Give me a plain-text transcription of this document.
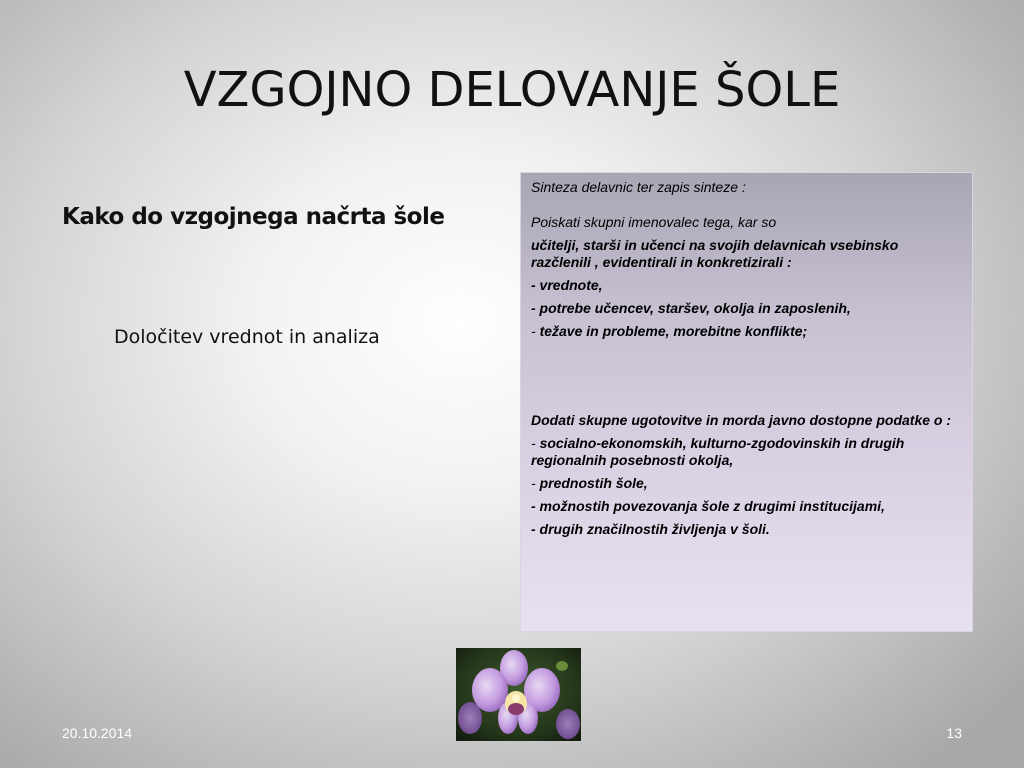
VZGOJNO DELOVANJE ŠOLE
Kako do vzgojnega načrta šole
Določitev vrednot in analiza

Sinteza delavnic ter zapis sinteze :

Poiskati skupni imenovalec tega, kar so

učitelji, starši in učenci na svojih delavnicah vsebinsko razčlenili , evidentirali in konkretizirali :

- vrednote,

- potrebe učencev, staršev, okolja in zaposlenih,

- težave in probleme, morebitne konflikte;

Dodati skupne ugotovitve in morda javno dostopne podatke o :

- socialno-ekonomskih, kulturno-zgodovinskih in drugih regionalnih posebnosti okolja,

- prednostih šole,

- možnostih povezovanja šole z drugimi institucijami,

- drugih značilnostih življenja v šoli.

20.10.2014	13
